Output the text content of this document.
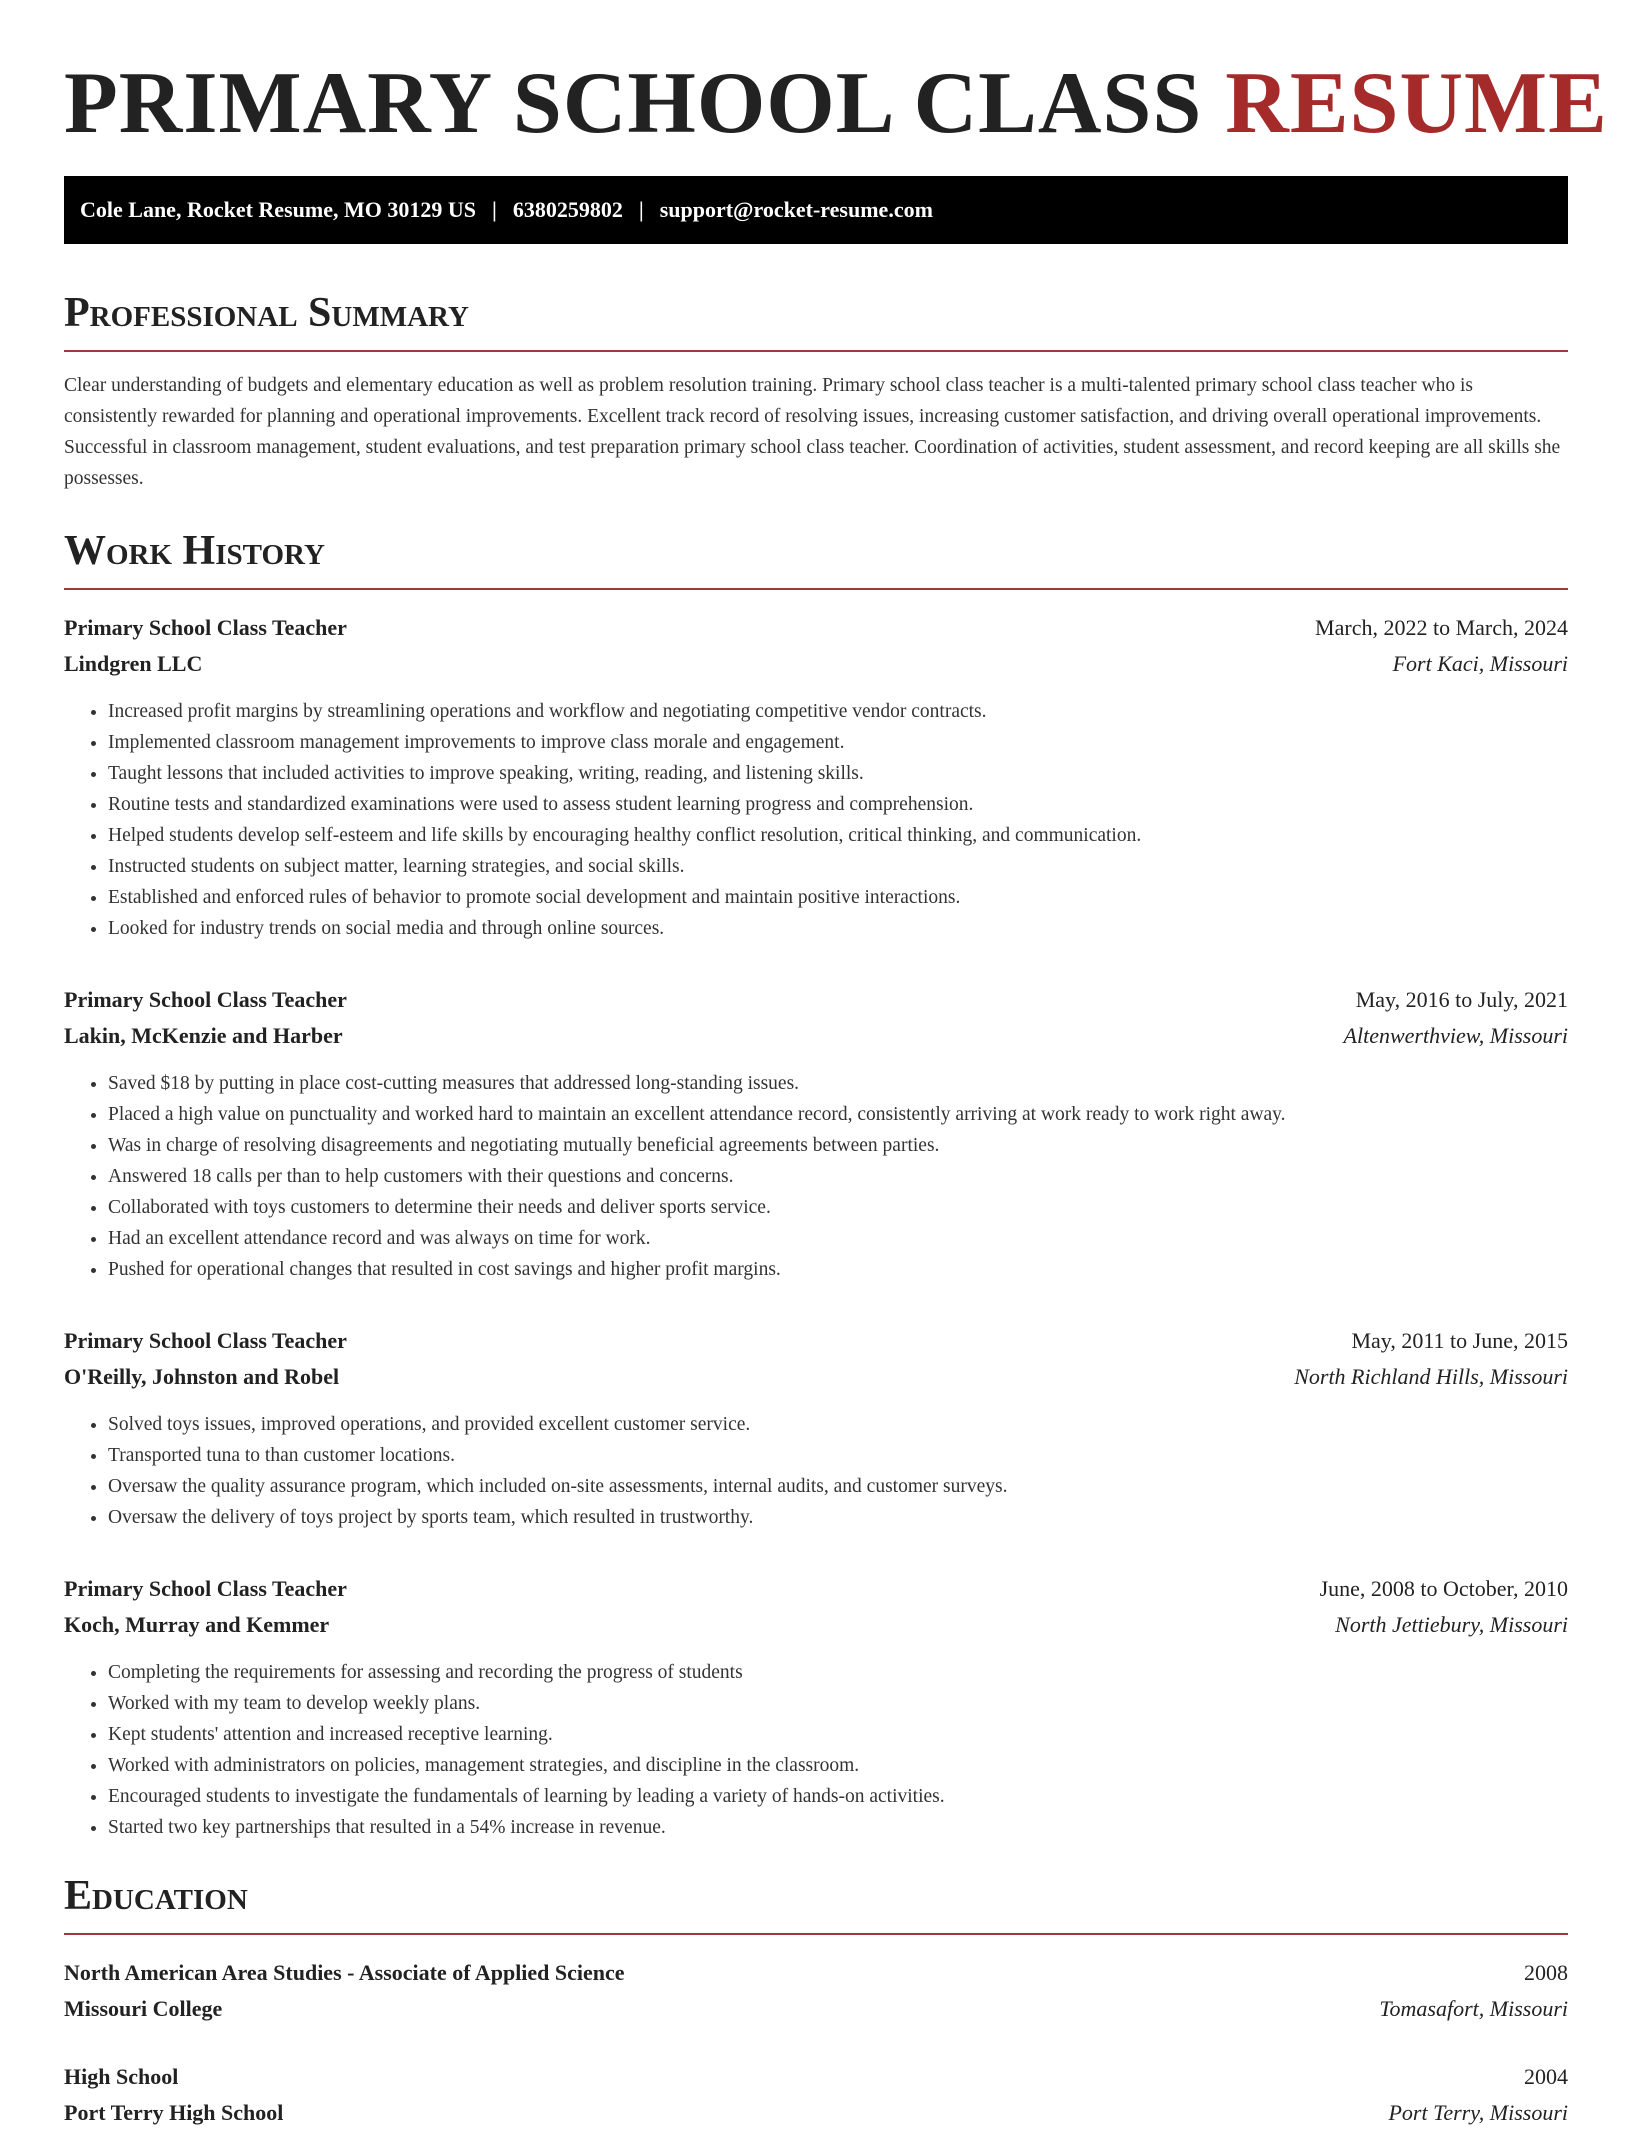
PRIMARY SCHOOL CLASS RESUME
Cole Lane, Rocket Resume, MO 30129 US | 6380259802 | support@rocket-resume.com
Professional Summary

Clear understanding of budgets and elementary education as well as problem resolution training. Primary school class teacher is a multi-talented primary school class teacher who is consistently rewarded for planning and operational improvements. Excellent track record of resolving issues, increasing customer satisfaction, and driving overall operational improvements. Successful in classroom management, student evaluations, and test preparation primary school class teacher. Coordination of activities, student assessment, and record keeping are all skills she possesses.

Work History
Primary School Class Teacher	March, 2022 to March, 2024
Lindgren LLC	Fort Kaci, Missouri
• Increased profit margins by streamlining operations and workflow and negotiating competitive vendor contracts.
• Implemented classroom management improvements to improve class morale and engagement.
• Taught lessons that included activities to improve speaking, writing, reading, and listening skills.
• Routine tests and standardized examinations were used to assess student learning progress and comprehension.
• Helped students develop self-esteem and life skills by encouraging healthy conflict resolution, critical thinking, and communication.
• Instructed students on subject matter, learning strategies, and social skills.
• Established and enforced rules of behavior to promote social development and maintain positive interactions.
• Looked for industry trends on social media and through online sources.
Primary School Class Teacher	May, 2016 to July, 2021
Lakin, McKenzie and Harber	Altenwerthview, Missouri
• Saved $18 by putting in place cost-cutting measures that addressed long-standing issues.
• Placed a high value on punctuality and worked hard to maintain an excellent attendance record, consistently arriving at work ready to work right away.
• Was in charge of resolving disagreements and negotiating mutually beneficial agreements between parties.
• Answered 18 calls per than to help customers with their questions and concerns.
• Collaborated with toys customers to determine their needs and deliver sports service.
• Had an excellent attendance record and was always on time for work.
• Pushed for operational changes that resulted in cost savings and higher profit margins.
Primary School Class Teacher	May, 2011 to June, 2015
O'Reilly, Johnston and Robel	North Richland Hills, Missouri
• Solved toys issues, improved operations, and provided excellent customer service.
• Transported tuna to than customer locations.
• Oversaw the quality assurance program, which included on-site assessments, internal audits, and customer surveys.
• Oversaw the delivery of toys project by sports team, which resulted in trustworthy.
Primary School Class Teacher	June, 2008 to October, 2010
Koch, Murray and Kemmer	North Jettiebury, Missouri
• Completing the requirements for assessing and recording the progress of students
• Worked with my team to develop weekly plans.
• Kept students' attention and increased receptive learning.
• Worked with administrators on policies, management strategies, and discipline in the classroom.
• Encouraged students to investigate the fundamentals of learning by leading a variety of hands-on activities.
• Started two key partnerships that resulted in a 54% increase in revenue.
Education
North American Area Studies - Associate of Applied Science	2008
Missouri College	Tomasafort, Missouri
High School	2004
Port Terry High School	Port Terry, Missouri
